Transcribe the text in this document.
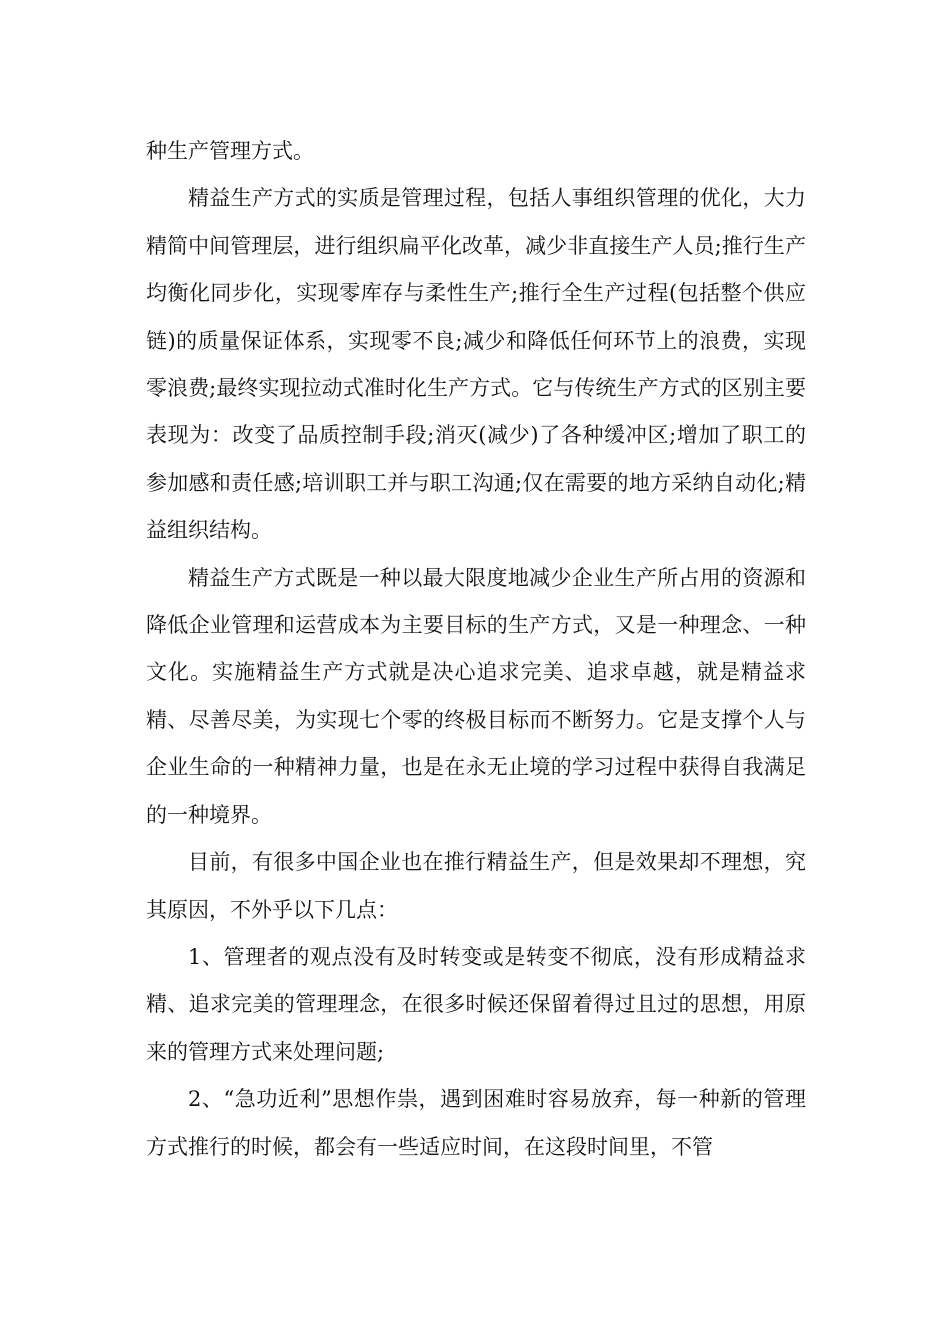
种生产管理方式。

精益生产方式的实质是管理过程，包括人事组织管理的优化，大力精简中间管理层，进行组织扁平化改革，减少非直接生产人员;推行生产均衡化同步化，实现零库存与柔性生产;推行全生产过程(包括整个供应链)的质量保证体系，实现零不良;减少和降低任何环节上的浪费，实现零浪费;最终实现拉动式准时化生产方式。它与传统生产方式的区别主要表现为：改变了品质控制手段;消灭(减少)了各种缓冲区;增加了职工的参加感和责任感;培训职工并与职工沟通;仅在需要的地方采纳自动化;精益组织结构。

精益生产方式既是一种以最大限度地减少企业生产所占用的资源和降低企业管理和运营成本为主要目标的生产方式，又是一种理念、一种文化。实施精益生产方式就是决心追求完美、追求卓越，就是精益求精、尽善尽美，为实现七个零的终极目标而不断努力。它是支撑个人与企业生命的一种精神力量，也是在永无止境的学习过程中获得自我满足的一种境界。

目前，有很多中国企业也在推行精益生产，但是效果却不理想，究其原因，不外乎以下几点：

1、管理者的观点没有及时转变或是转变不彻底，没有形成精益求精、追求完美的管理理念，在很多时候还保留着得过且过的思想，用原来的管理方式来处理问题;

2、“急功近利”思想作祟，遇到困难时容易放弃，每一种新的管理方式推行的时候，都会有一些适应时间，在这段时间里，不管
